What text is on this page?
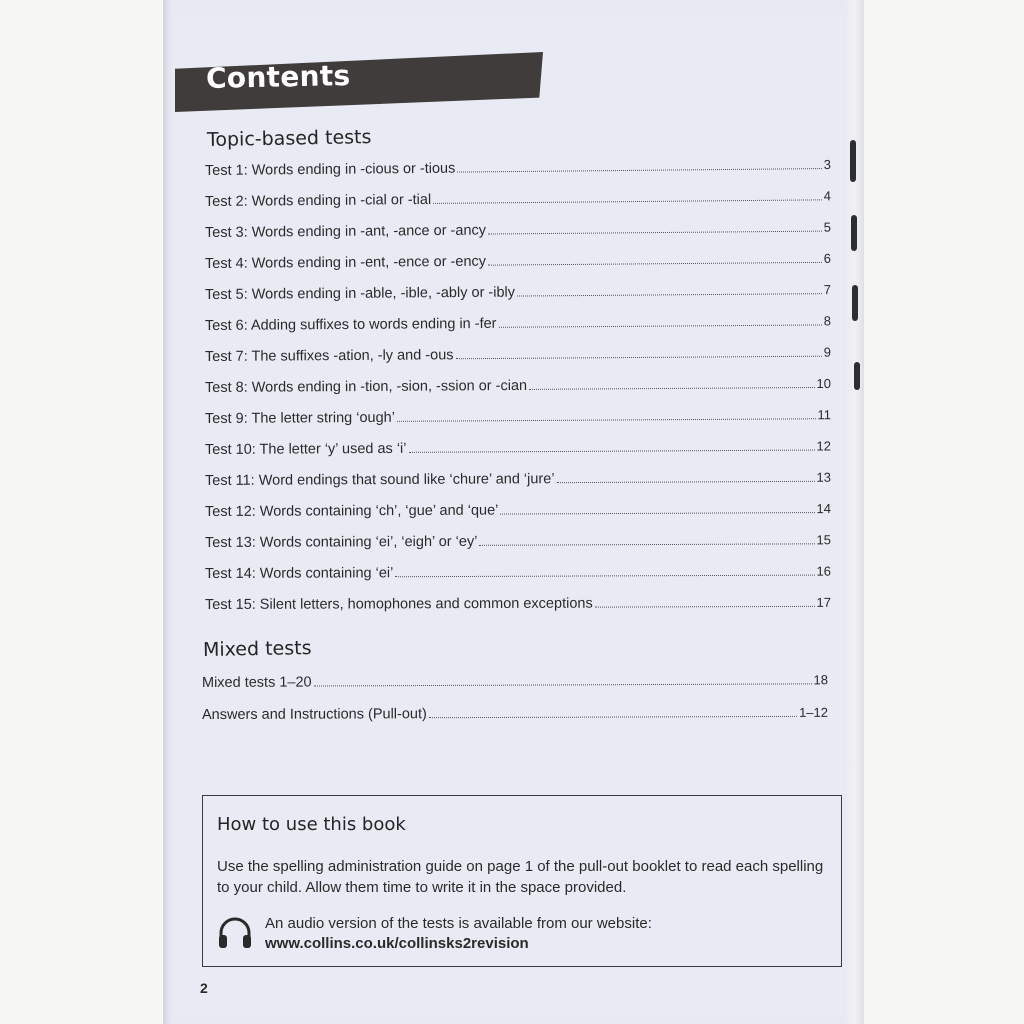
Contents
Topic-based tests
Test 1: Words ending in -cious or -tious	3
Test 2: Words ending in -cial or -tial	4
Test 3: Words ending in -ant, -ance or -ancy	5
Test 4: Words ending in -ent, -ence or -ency	6
Test 5: Words ending in -able, -ible, -ably or -ibly	7
Test 6: Adding suffixes to words ending in -fer	8
Test 7: The suffixes -ation, -ly and -ous	9
Test 8: Words ending in -tion, -sion, -ssion or -cian	10
Test 9: The letter string ‘ough’	11
Test 10: The letter ‘y’ used as ‘i’	12
Test 11: Word endings that sound like ‘chure’ and ‘jure’	13
Test 12: Words containing ‘ch’, ‘gue’ and ‘que’	14
Test 13: Words containing ‘ei’, ‘eigh’ or ‘ey’	15
Test 14: Words containing ‘ei’	16
Test 15: Silent letters, homophones and common exceptions	17
Mixed tests
Mixed tests 1–20	18
Answers and Instructions (Pull-out)	1–12
How to use this book
Use the spelling administration guide on page 1 of the pull-out booklet to read each spelling to your child. Allow them time to write it in the space provided.
An audio version of the tests is available from our website:
www.collins.co.uk/collinsks2revision
2
